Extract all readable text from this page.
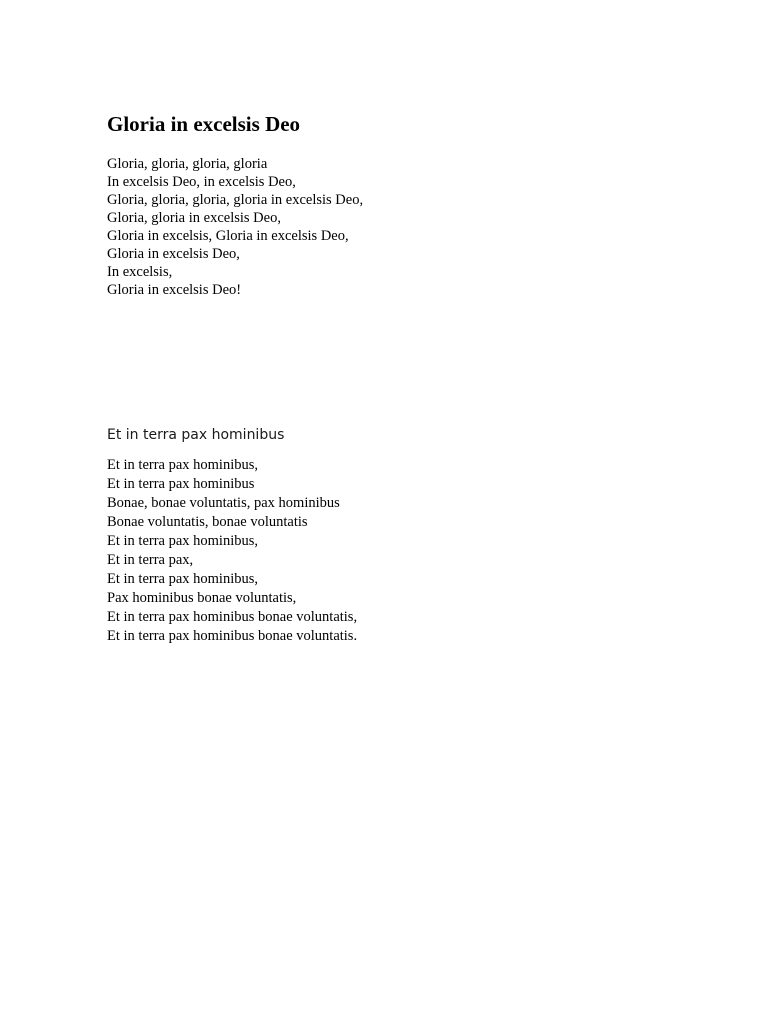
Gloria in excelsis Deo
Gloria, gloria, gloria, gloria
In excelsis Deo, in excelsis Deo,
Gloria, gloria, gloria, gloria in excelsis Deo,
Gloria, gloria in excelsis Deo,
Gloria in excelsis, Gloria in excelsis Deo,
Gloria in excelsis Deo,
In excelsis,
Gloria in excelsis Deo!
Et in terra pax hominibus
Et in terra pax hominibus,
Et in terra pax hominibus
Bonae, bonae voluntatis, pax hominibus
Bonae voluntatis, bonae voluntatis
Et in terra pax hominibus,
Et in terra pax,
Et in terra pax hominibus,
Pax hominibus bonae voluntatis,
Et in terra pax hominibus bonae voluntatis,
Et in terra pax hominibus bonae voluntatis.
